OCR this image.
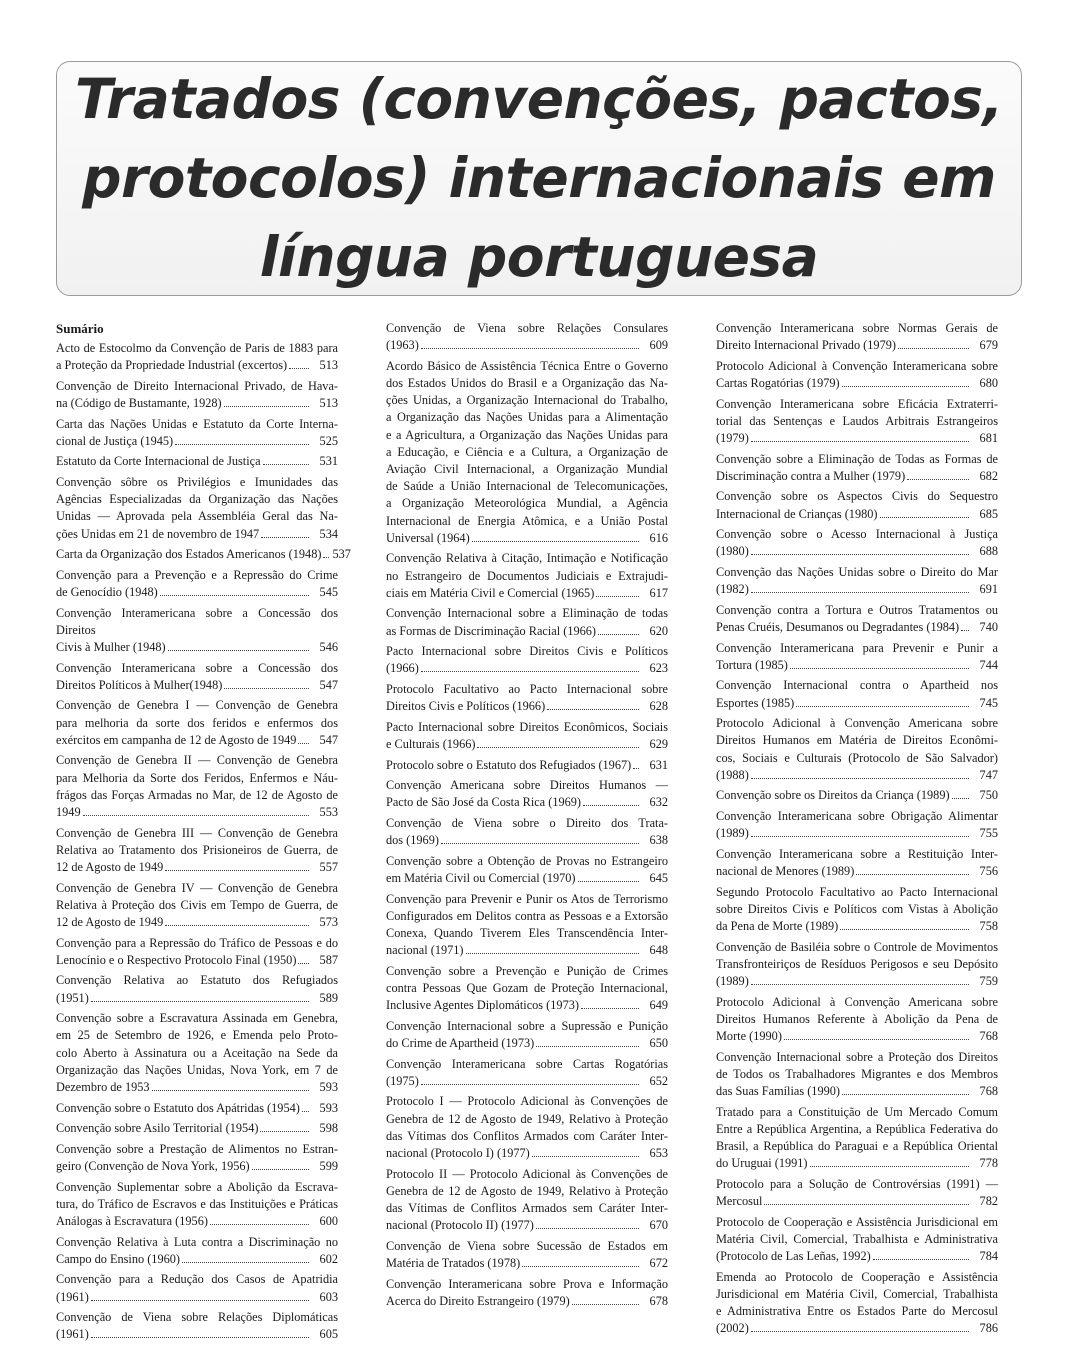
Tratados (convenções, pactos,
protocolos) internacionais em
língua portuguesa
Sumário
Acto de Estocolmo da Convenção de Paris de 1883 para
a Proteção da Propriedade Industrial (excertos)	513
Convenção de Direito Internacional Privado, de Hava-
na (Código de Bustamante, 1928)	513
Carta das Nações Unidas e Estatuto da Corte Interna-
cional de Justiça (1945)	525
Estatuto da Corte Internacional de Justiça	531
Convenção sôbre os Privilégios e Imunidades das
Agências Especializadas da Organização das Nações
Unidas — Aprovada pela Assembléia Geral das Na-
ções Unidas em 21 de novembro de 1947	534
Carta da Organização dos Estados Americanos (1948) 537
Convenção para a Prevenção e a Repressão do Crime
de Genocídio (1948)	545
Convenção Interamericana sobre a Concessão dos Direitos
Civis à Mulher (1948)	546
Convenção Interamericana sobre a Concessão dos
Direitos Políticos à Mulher(1948)	547
Convenção de Genebra I — Convenção de Genebra
para melhoria da sorte dos feridos e enfermos dos
exércitos em campanha de 12 de Agosto de 1949	547
Convenção de Genebra II — Convenção de Genebra
para Melhoria da Sorte dos Feridos, Enfermos e Náu-
frágos das Forças Armadas no Mar, de 12 de Agosto de
1949	553
Convenção de Genebra III — Convenção de Genebra
Relativa ao Tratamento dos Prisioneiros de Guerra, de
12 de Agosto de 1949	557
Convenção de Genebra IV — Convenção de Genebra
Relativa à Proteção dos Civis em Tempo de Guerra, de
12 de Agosto de 1949	573
Convenção para a Repressão do Tráfico de Pessoas e do
Lenocínio e o Respectivo Protocolo Final (1950)	587
Convenção Relativa ao Estatuto dos Refugiados
(1951)	589
Convenção sobre a Escravatura Assinada em Genebra,
em 25 de Setembro de 1926, e Emenda pelo Proto-
colo Aberto à Assinatura ou a Aceitação na Sede da
Organização das Nações Unidas, Nova York, em 7 de
Dezembro de 1953	593
Convenção sobre o Estatuto dos Apátridas (1954)	593
Convenção sobre Asilo Territorial (1954)	598
Convenção sobre a Prestação de Alimentos no Estran-
geiro (Convenção de Nova York, 1956)	599
Convenção Suplementar sobre a Abolição da Escrava-
tura, do Tráfico de Escravos e das Instituições e Práticas
Análogas à Escravatura (1956)	600
Convenção Relativa à Luta contra a Discriminação no
Campo do Ensino (1960)	602
Convenção para a Redução dos Casos de Apatridia
(1961)	603
Convenção de Viena sobre Relações Diplomáticas
(1961)	605
Convenção de Viena sobre Relações Consulares
(1963)	609
Acordo Básico de Assistência Técnica Entre o Governo
dos Estados Unidos do Brasil e a Organização das Na-
ções Unidas, a Organização Internacional do Trabalho,
a Organização das Nações Unidas para a Alimentação
e a Agricultura, a Organização das Nações Unidas para
a Educação, e Ciência e a Cultura, a Organização de
Aviação Civil Internacional, a Organização Mundial
de Saúde a União Internacional de Telecomunicações,
a Organização Meteorológica Mundial, a Agência
Internacional de Energia Atômica, e a União Postal
Universal (1964)	616
Convenção Relativa à Citação, Intimação e Notificação
no Estrangeiro de Documentos Judiciais e Extrajudi-
ciais em Matéria Civil e Comercial (1965)	617
Convenção Internacional sobre a Eliminação de todas
as Formas de Discriminação Racial (1966)	620
Pacto Internacional sobre Direitos Civis e Políticos
(1966)	623
Protocolo Facultativo ao Pacto Internacional sobre
Direitos Civis e Políticos (1966)	628
Pacto Internacional sobre Direitos Econômicos, Sociais
e Culturais (1966)	629
Protocolo sobre o Estatuto dos Refugiados (1967)	631
Convenção Americana sobre Direitos Humanos —
Pacto de São José da Costa Rica (1969)	632
Convenção de Viena sobre o Direito dos Trata-
dos (1969)	638
Convenção sobre a Obtenção de Provas no Estrangeiro
em Matéria Civil ou Comercial (1970)	645
Convenção para Prevenir e Punir os Atos de Terrorismo
Configurados em Delitos contra as Pessoas e a Extorsão
Conexa, Quando Tiverem Eles Transcendência Inter-
nacional (1971)	648
Convenção sobre a Prevenção e Punição de Crimes
contra Pessoas Que Gozam de Proteção Internacional,
Inclusive Agentes Diplomáticos (1973)	649
Convenção Internacional sobre a Supressão e Punição
do Crime de Apartheid (1973)	650
Convenção Interamericana sobre Cartas Rogatórias
(1975)	652
Protocolo I — Protocolo Adicional às Convenções de
Genebra de 12 de Agosto de 1949, Relativo à Proteção
das Vítimas dos Conflitos Armados com Caráter Inter-
nacional (Protocolo I) (1977)	653
Protocolo II — Protocolo Adicional às Convenções de
Genebra de 12 de Agosto de 1949, Relativo à Proteção
das Vítimas de Conflitos Armados sem Caráter Inter-
nacional (Protocolo II) (1977)	670
Convenção de Viena sobre Sucessão de Estados em
Matéria de Tratados (1978)	672
Convenção Interamericana sobre Prova e Informação
Acerca do Direito Estrangeiro (1979)	678
Convenção Interamericana sobre Normas Gerais de
Direito Internacional Privado (1979)	679
Protocolo Adicional à Convenção Interamericana sobre
Cartas Rogatórias (1979)	680
Convenção Interamericana sobre Eficácia Extraterri-
torial das Sentenças e Laudos Arbitrais Estrangeiros
(1979)	681
Convenção sobre a Eliminação de Todas as Formas de
Discriminação contra a Mulher (1979)	682
Convenção sobre os Aspectos Civis do Sequestro
Internacional de Crianças (1980)	685
Convenção sobre o Acesso Internacional à Justiça
(1980)	688
Convenção das Nações Unidas sobre o Direito do Mar
(1982)	691
Convenção contra a Tortura e Outros Tratamentos ou
Penas Cruéis, Desumanos ou Degradantes (1984)	740
Convenção Interamericana para Prevenir e Punir a
Tortura (1985)	744
Convenção Internacional contra o Apartheid nos
Esportes (1985)	745
Protocolo Adicional à Convenção Americana sobre
Direitos Humanos em Matéria de Direitos Econômi-
cos, Sociais e Culturais (Protocolo de São Salvador)
(1988)	747
Convenção sobre os Direitos da Criança (1989)	750
Convenção Interamericana sobre Obrigação Alimentar
(1989)	755
Convenção Interamericana sobre a Restituição Inter-
nacional de Menores (1989)	756
Segundo Protocolo Facultativo ao Pacto Internacional
sobre Direitos Civis e Políticos com Vistas à Abolição
da Pena de Morte (1989)	758
Convenção de Basiléia sobre o Controle de Movimentos
Transfronteiriços de Resíduos Perigosos e seu Depósito
(1989)	759
Protocolo Adicional à Convenção Americana sobre
Direitos Humanos Referente à Abolição da Pena de
Morte (1990)	768
Convenção Internacional sobre a Proteção dos Direitos
de Todos os Trabalhadores Migrantes e dos Membros
das Suas Famílias (1990)	768
Tratado para a Constituição de Um Mercado Comum
Entre a República Argentina, a República Federativa do
Brasil, a República do Paraguai e a República Oriental
do Uruguai (1991)	778
Protocolo para a Solução de Controvérsias (1991) —
Mercosul	782
Protocolo de Cooperação e Assistência Jurisdicional em
Matéria Civil, Comercial, Trabalhista e Administrativa
(Protocolo de Las Leñas, 1992)	784
Emenda ao Protocolo de Cooperação e Assistência
Jurisdicional em Matéria Civil, Comercial, Trabalhista
e Administrativa Entre os Estados Parte do Mercosul
(2002)	786
